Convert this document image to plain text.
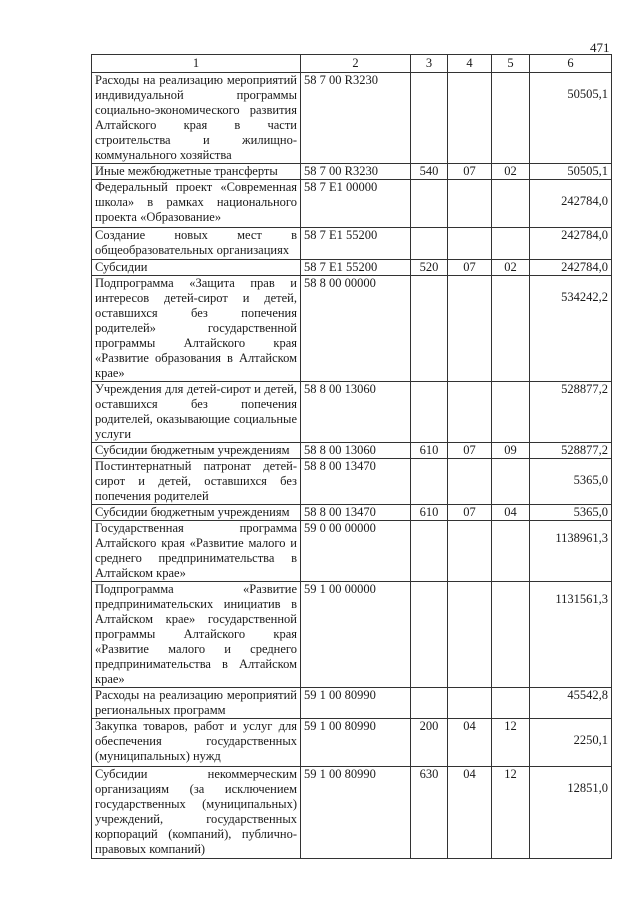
471
1	2	3	4	5	6
Расходы на реализацию мероприятий индивидуальной программы социально-экономического развития Алтайского края в части строительства и жилищно-коммунального хозяйства	58 7 00 R3230				50505,1
Иные межбюджетные трансферты	58 7 00 R3230	540	07	02	50505,1
Федеральный проект «Современная школа» в рамках национального проекта «Образование»	58 7 E1 00000				242784,0
Создание новых мест в общеобразовательных организациях	58 7 E1 55200				242784,0
Субсидии	58 7 E1 55200	520	07	02	242784,0
Подпрограмма «Защита прав и интересов детей-сирот и детей, оставшихся без попечения родителей» государственной программы Алтайского края «Развитие образования в Алтайском крае»	58 8 00 00000				534242,2
Учреждения для детей-сирот и детей, оставшихся без попечения родителей, оказывающие социальные услуги	58 8 00 13060				528877,2
Субсидии бюджетным учреждениям	58 8 00 13060	610	07	09	528877,2
Постинтернатный патронат детей-сирот и детей, оставшихся без попечения родителей	58 8 00 13470				5365,0
Субсидии бюджетным учреждениям	58 8 00 13470	610	07	04	5365,0
Государственная программа Алтайского края «Развитие малого и среднего предпринимательства в Алтайском крае»	59 0 00 00000				1138961,3
Подпрограмма «Развитие предпринимательских инициатив в Алтайском крае» государственной программы Алтайского края «Развитие малого и среднего предпринимательства в Алтайском крае»	59 1 00 00000				1131561,3
Расходы на реализацию мероприятий региональных программ	59 1 00 80990				45542,8
Закупка товаров, работ и услуг для обеспечения государственных (муниципальных) нужд	59 1 00 80990	200	04	12	2250,1
Субсидии некоммерческим организациям (за исключением государственных (муниципальных) учреждений, государственных корпораций (компаний), публично-правовых компаний)	59 1 00 80990	630	04	12	12851,0
